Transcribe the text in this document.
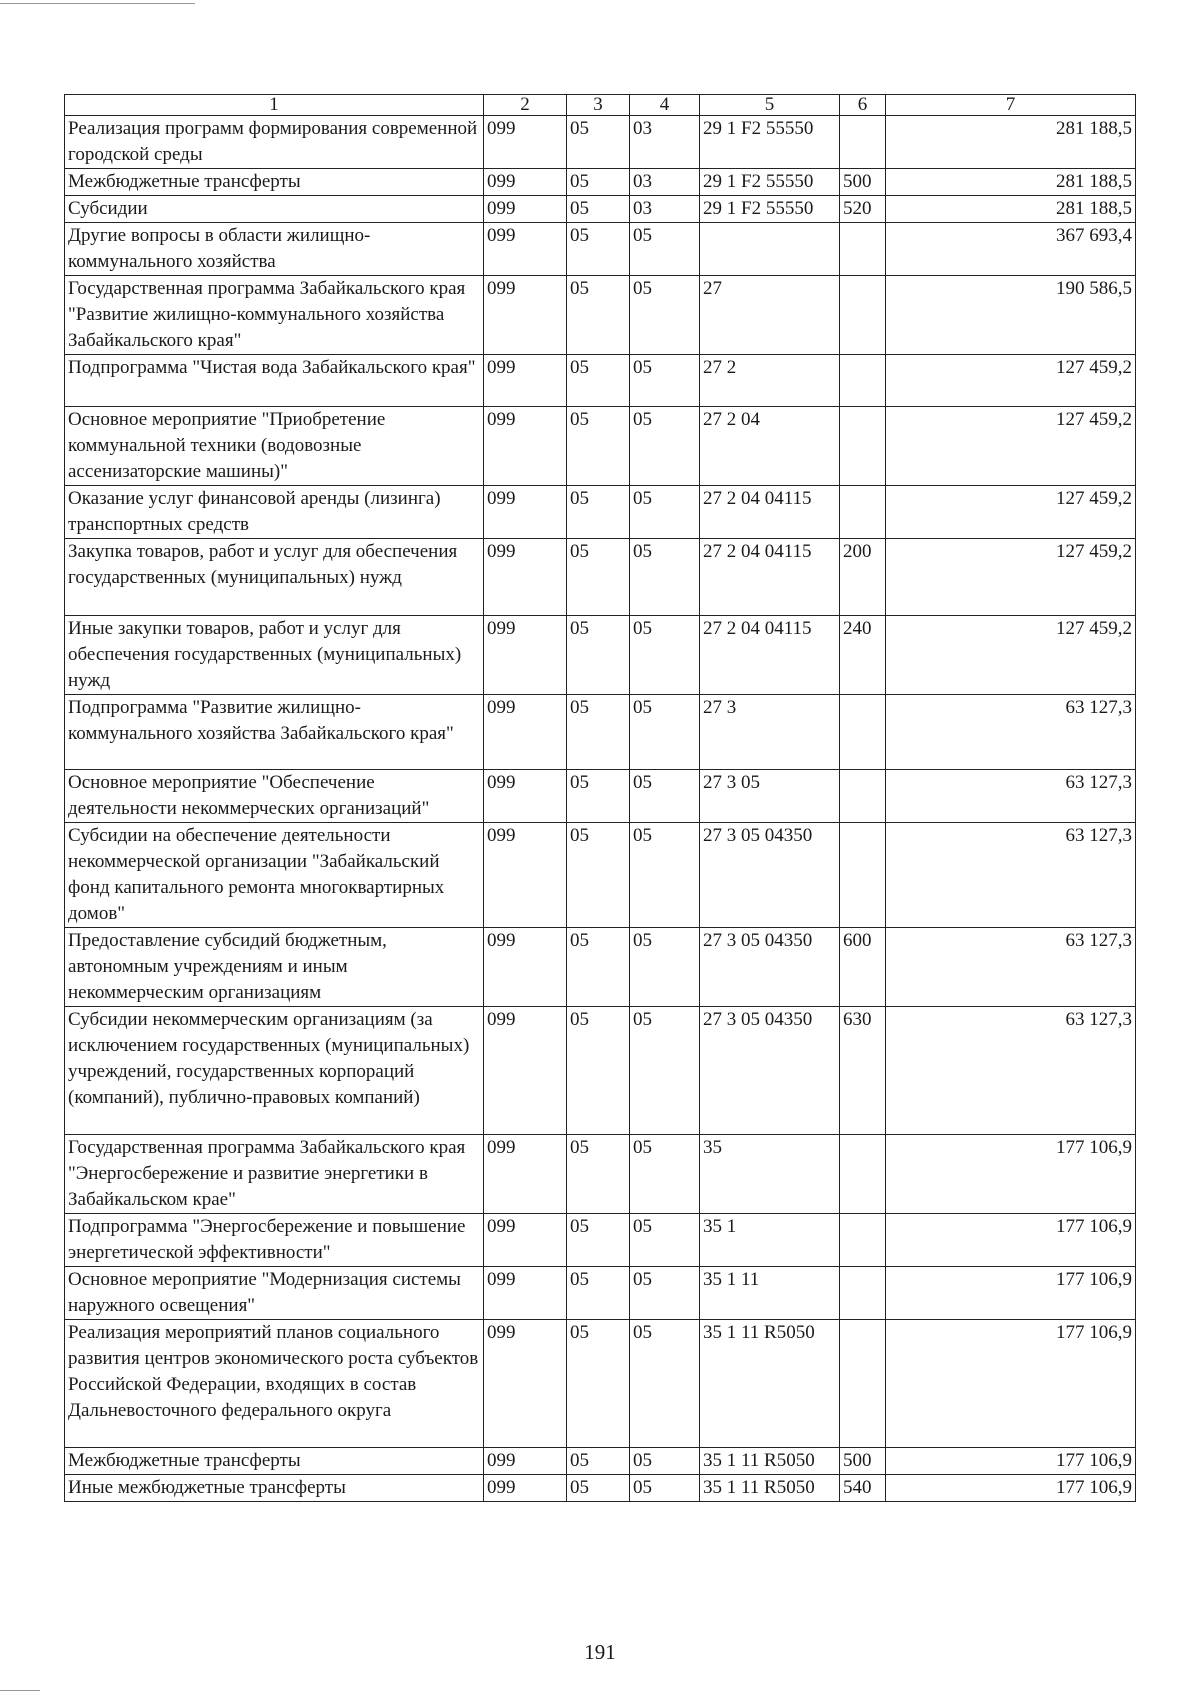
1	2	3	4	5	6	7
Реализация программ формирования современной городской среды	099	05	03	29 1 F2 55550		281 188,5
Межбюджетные трансферты	099	05	03	29 1 F2 55550	500	281 188,5
Субсидии	099	05	03	29 1 F2 55550	520	281 188,5
Другие вопросы в области жилищно-коммунального хозяйства	099	05	05			367 693,4
Государственная программа Забайкальского края "Развитие жилищно-коммунального хозяйства Забайкальского края"	099	05	05	27		190 586,5
Подпрограмма "Чистая вода Забайкальского края"	099	05	05	27 2		127 459,2
Основное мероприятие "Приобретение коммунальной техники (водовозные ассенизаторские машины)"	099	05	05	27 2 04		127 459,2
Оказание услуг финансовой аренды (лизинга) транспортных средств	099	05	05	27 2 04 04115		127 459,2
Закупка товаров, работ и услуг для обеспечения государственных (муниципальных) нужд	099	05	05	27 2 04 04115	200	127 459,2
Иные закупки товаров, работ и услуг для обеспечения государственных (муниципальных) нужд	099	05	05	27 2 04 04115	240	127 459,2
Подпрограмма "Развитие жилищно-коммунального хозяйства Забайкальского края"	099	05	05	27 3		63 127,3
Основное мероприятие "Обеспечение деятельности некоммерческих организаций"	099	05	05	27 3 05		63 127,3
Субсидии на обеспечение деятельности некоммерческой организации "Забайкальский фонд капитального ремонта многоквартирных домов"	099	05	05	27 3 05 04350		63 127,3
Предоставление субсидий бюджетным, автономным учреждениям и иным некоммерческим организациям	099	05	05	27 3 05 04350	600	63 127,3
Субсидии некоммерческим организациям (за исключением государственных (муниципальных) учреждений, государственных корпораций (компаний), публично-правовых компаний)	099	05	05	27 3 05 04350	630	63 127,3
Государственная программа Забайкальского края "Энергосбережение и развитие энергетики в Забайкальском крае"	099	05	05	35		177 106,9
Подпрограмма "Энергосбережение и повышение энергетической эффективности"	099	05	05	35 1		177 106,9
Основное мероприятие "Модернизация системы наружного освещения"	099	05	05	35 1 11		177 106,9
Реализация мероприятий планов социального развития центров экономического роста субъектов Российской Федерации, входящих в состав Дальневосточного федерального округа	099	05	05	35 1 11 R5050		177 106,9
Межбюджетные трансферты	099	05	05	35 1 11 R5050	500	177 106,9
Иные межбюджетные трансферты	099	05	05	35 1 11 R5050	540	177 106,9
191
